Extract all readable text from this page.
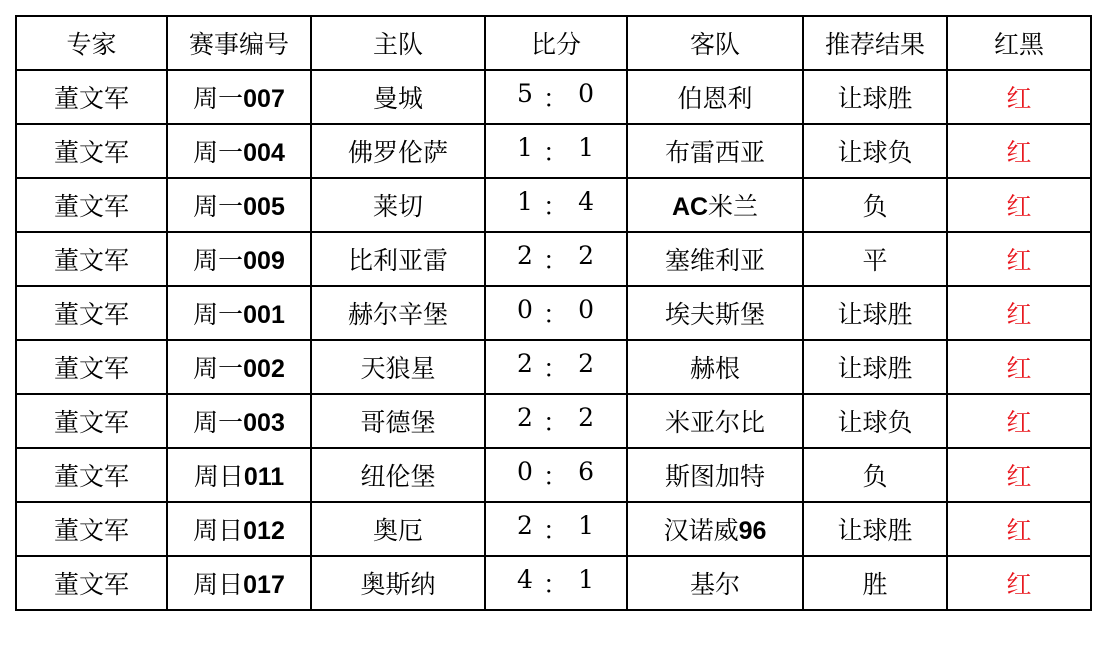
专家	赛事编号	主队	比分	客队	推荐结果	红黑
董文军	周一007	曼城	5 ： 0	伯恩利	让球胜	红
董文军	周一004	佛罗伦萨	1 ： 1	布雷西亚	让球负	红
董文军	周一005	莱切	1 ： 4	AC米兰	负	红
董文军	周一009	比利亚雷	2 ： 2	塞维利亚	平	红
董文军	周一001	赫尔辛堡	0 ： 0	埃夫斯堡	让球胜	红
董文军	周一002	天狼星	2 ： 2	赫根	让球胜	红
董文军	周一003	哥德堡	2 ： 2	米亚尔比	让球负	红
董文军	周日011	纽伦堡	0 ： 6	斯图加特	负	红
董文军	周日012	奥厄	2 ： 1	汉诺威96	让球胜	红
董文军	周日017	奥斯纳	4 ： 1	基尔	胜	红
